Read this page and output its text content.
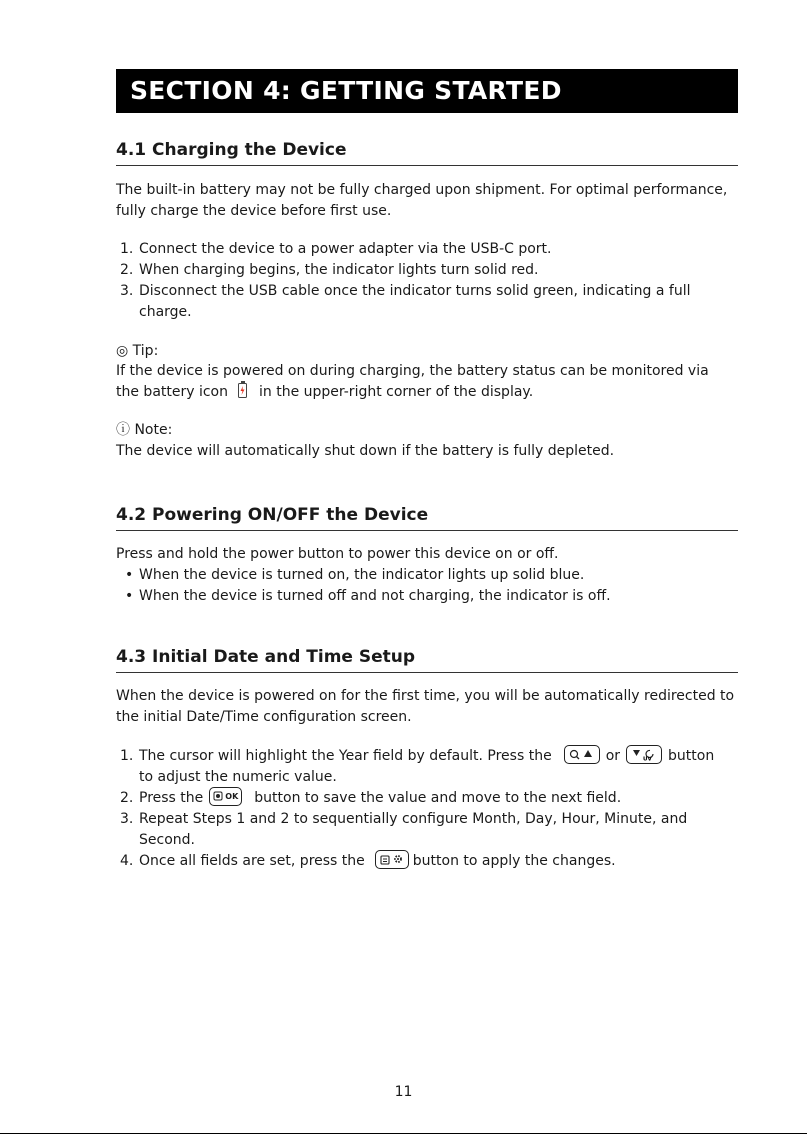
SECTION 4: GETTING STARTED
4.1 Charging the Device

The built-in battery may not be fully charged upon shipment. For optimal performance, fully charge the device before first use.

1. Connect the device to a power adapter via the USB-C port.
2. When charging begins, the indicator lights turn solid red.
3. Disconnect the USB cable once the indicator turns solid green, indicating a full charge.
◎ Tip:

If the device is powered on during charging, the battery status can be monitored via the battery icon in the upper-right corner of the display.

ⓘ Note:

The device will automatically shut down if the battery is fully depleted.

4.2 Powering ON/OFF the Device

Press and hold the power button to power this device on or off.

• When the device is turned on, the indicator lights up solid blue.
• When the device is turned off and not charging, the indicator is off.
4.3 Initial Date and Time Setup

When the device is powered on for the first time, you will be automatically redirected to the initial Date/Time configuration screen.

1. The cursor will highlight the Year field by default. Press the	or	UV button
to adjust the numeric value.
2. Press the	OK button to save the value and move to the next field.
3. Repeat Steps 1 and 2 to sequentially configure Month, Day, Hour, Minute, and Second.
4. Once all fields are set, press the	button to apply the changes.
11
